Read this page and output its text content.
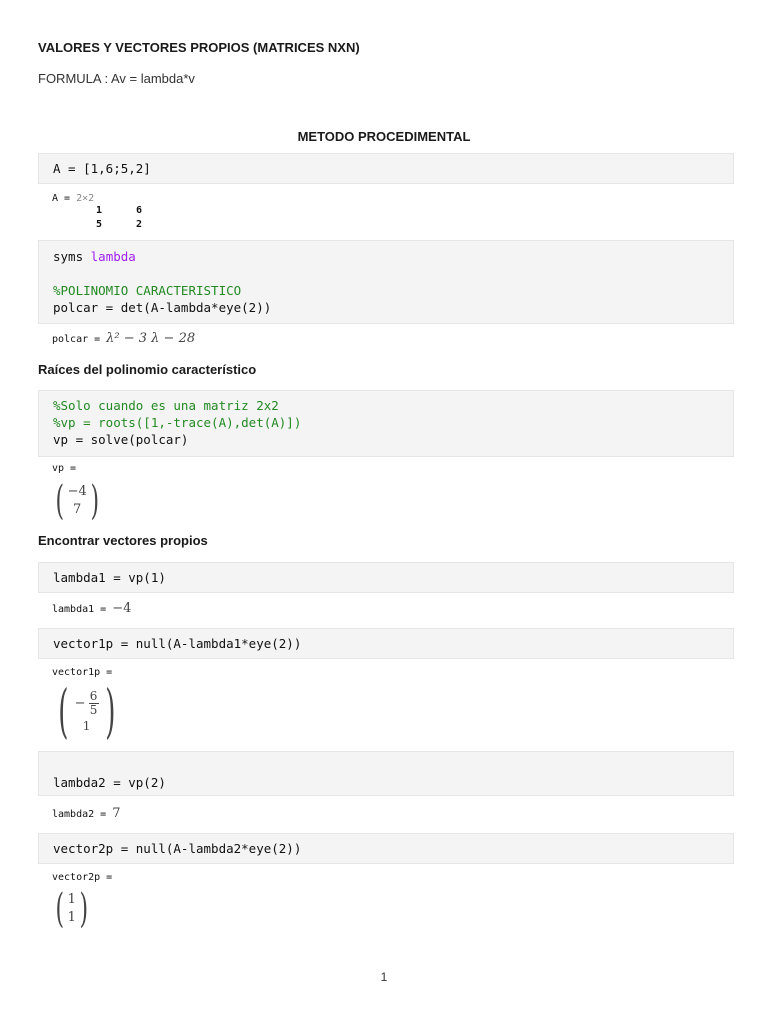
VALORES Y VECTORES PROPIOS (MATRICES NXN)
FORMULA : Av = lambda*v
METODO PROCEDIMENTAL
A = [1,6;5,2]
A = 2×2
1	6
5	2
syms lambda

%POLINOMIO CARACTERISTICO
polcar = det(A-lambda*eye(2))
polcar = λ² − 3 λ − 28
Raíces del polinomio característico
%Solo cuando es una matriz 2x2
%vp = roots([1,-trace(A),det(A)])
vp = solve(polcar)
vp =
( −4
7 )
Encontrar vectores propios
lambda1 = vp(1)
lambda1 = −4
vector1p = null(A-lambda1*eye(2))
vector1p =
( − $\frac{6}{5}$
1 )
lambda2 = vp(2)
lambda2 = 7
vector2p = null(A-lambda2*eye(2))
vector2p =
( 1
1 )
1
